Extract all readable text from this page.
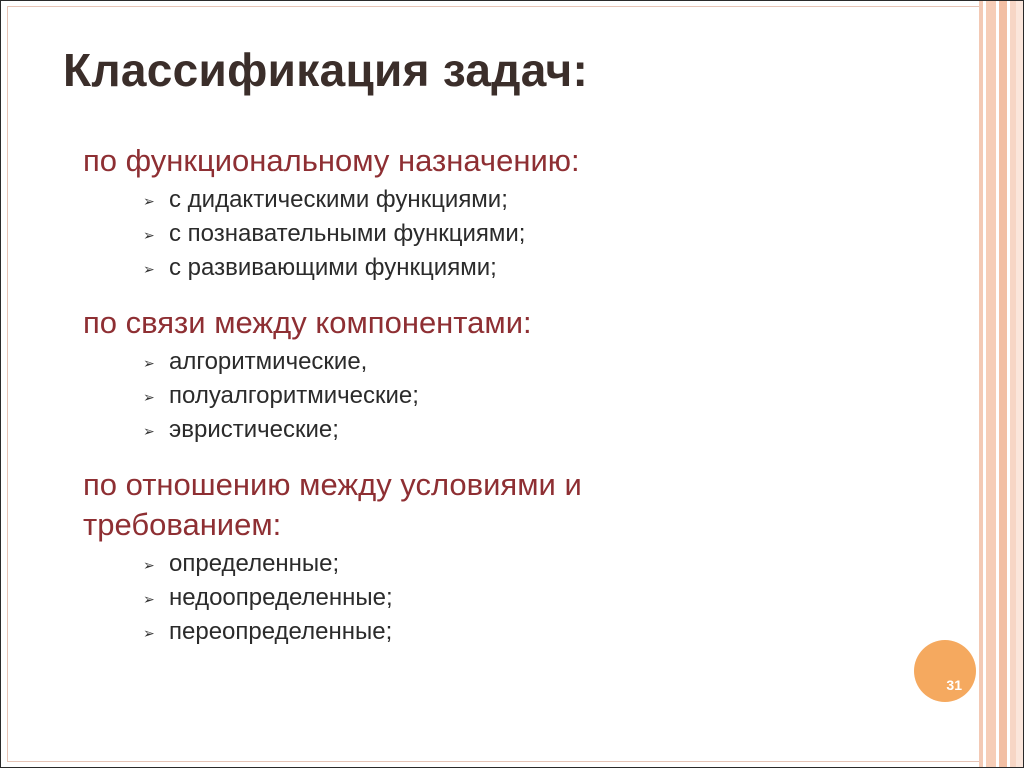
Классификация задач:
по функциональному назначению:
➢ с дидактическими функциями;
➢ с познавательными функциями;
➢ с развивающими функциями;
по связи между компонентами:
➢ алгоритмические,
➢ полуалгоритмические;
➢ эвристические;
по отношению между условиями и требованием:
➢ определенные;
➢ недоопределенные;
➢ переопределенные;
31
